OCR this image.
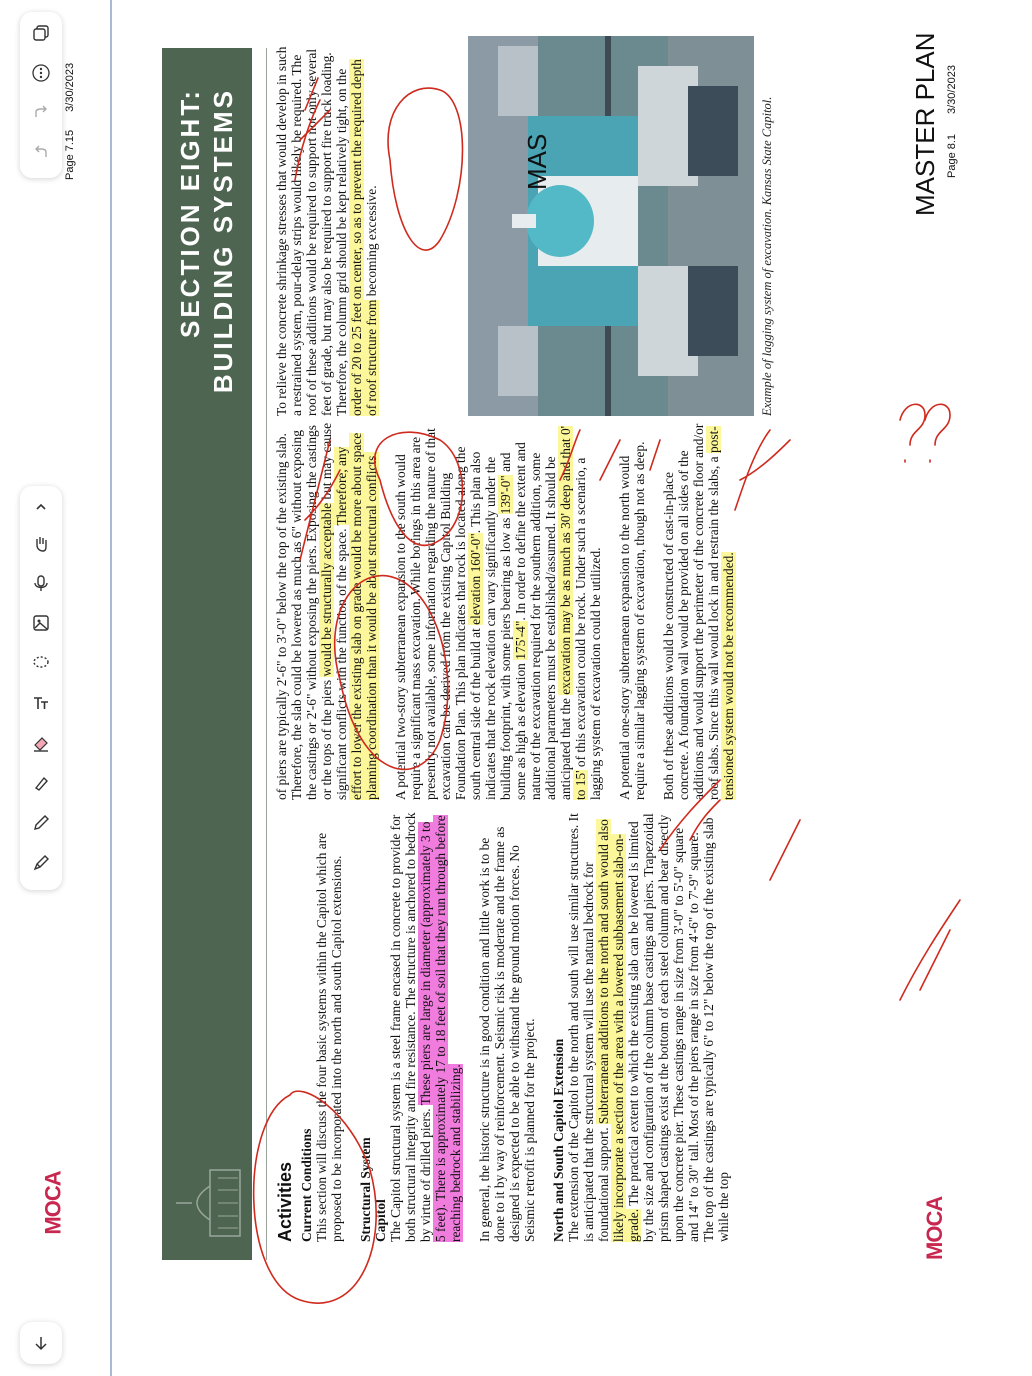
SECTION EIGHT: BUILDING SYSTEMS

Activities Current Conditions This section will discuss the four basic systems within the Capitol which are proposed to be incorporated into the north and south Capitol extensions. Structural System Capitol The Capitol structural system is a steel frame encased in concrete to provide for both structural integrity and fire resistance. The structure is anchored to bedrock by virtue of drilled piers. These piers are large in diameter (approximately 3 to 5 feet). There is approximately 17 to 18 feet of soil that they run through before reaching bedrock and stabilizing. In general, the historic structure is in good condition and little work is to be done to it by way of reinforcement. Seismic risk is moderate and the frame as designed is expected to be able to withstand the ground motion forces. No Seismic retrofit is planned for the project. North and South Capitol Extension The extension of the Capitol to the north and south will use similar structures. It is anticipated that the structural system will use the natural bedrock for foundational support. Subterranean additions to the north and south would also likely incorporate a section of the area with a lowered subbasement slab-on-grade. The practical extent to which the existing slab can be lowered is limited by the size and configuration of the column base castings and piers. Trapezoidal prism shaped castings exist at the bottom of each steel column and bear directly upon the concrete pier. These castings range in size from 3'-0" to 5'-0" square and 14" to 30" tall. Most of the piers range in size from 4'-6" to 7'-9" square. The top of the castings are typically 6" to 12" below the top of the existing slab while the top

of piers are typically 2'-6" to 3'-0" below the top of the existing slab. Therefore, the slab could be lowered as much as 6" without exposing the castings or 2'-6" without exposing the piers. Exposing the castings or the tops of the piers would be structurally acceptable but may cause significant conflicts with the function of the space. Therefore, any effort to lower the existing slab on grade would be more about space planning coordination than it would be about structural conflicts. A potential two-story subterranean expansion to the south would require a significant mass excavation. While borings in this area are presently not available, some information regarding the nature of that excavation can be derived from the existing Capitol Building Foundation Plan. This plan indicates that rock is located along the south central side of the build at elevation 160'-0". This plan also indicates that the rock elevation can vary significantly under the building footprint, with some piers bearing as low as 139'-0" and some as high as elevation 175'-4". In order to define the extent and nature of the excavation required for the southern addition, some additional parameters must be established/assumed. It should be anticipated that the excavation may be as much as 30' deep and that 0' to 15' of this excavation could be rock. Under such a scenario, a lagging system of excavation could be utilized. A potential one-story subterranean expansion to the north would require a similar lagging system of excavation, though not as deep. Both of these additions would be constructed of cast-in-place concrete. A foundation wall would be provided on all sides of the additions and would support the perimeter of the concrete floor and/or roof slabs. Since this wall would lock in and restrain the slabs, a post-tensioned system would not be recommended.

To relieve the concrete shrinkage stresses that would develop in such a restrained system, pour-delay strips would likely be required. The roof of these additions would be required to support not only several feet of grade, but may also be required to support fire truck loading. Therefore, the column grid should be kept relatively tight, on the order of 20 to 25 feet on center, so as to prevent the required depth of roof structure from becoming excessive.	Example of lagging system of excavation. Kansas State Capitol.
MOCA
MASTER PLAN Page 8.1
3/30/2023
MOCA
MAS
Page 7.15 3/30/2023
